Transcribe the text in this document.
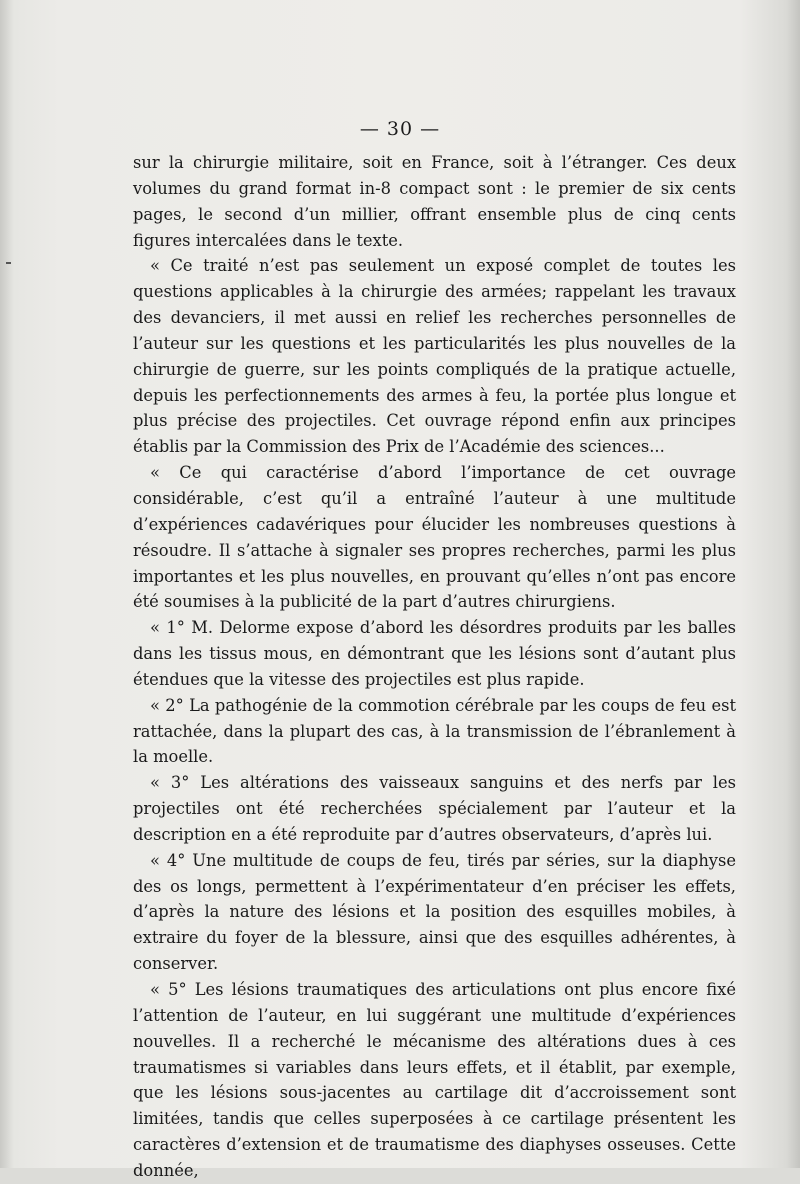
— 30 —

sur la chirurgie militaire, soit en France, soit à l’étranger. Ces deux volumes du grand format in-8 compact sont : le premier de six cents pages, le second d’un millier, offrant ensemble plus de cinq cents figures intercalées dans le texte.

« Ce traité n’est pas seulement un exposé complet de toutes les questions applicables à la chirurgie des armées; rappelant les travaux des devanciers, il met aussi en relief les recherches personnelles de l’auteur sur les questions et les particularités les plus nouvelles de la chirurgie de guerre, sur les points compliqués de la pratique actuelle, depuis les perfectionnements des armes à feu, la portée plus longue et plus précise des projectiles. Cet ouvrage répond enfin aux principes établis par la Commission des Prix de l’Académie des sciences...

« Ce qui caractérise d’abord l’importance de cet ouvrage considérable, c’est qu’il a entraîné l’auteur à une multitude d’expériences cadavériques pour élucider les nombreuses questions à résoudre. Il s’attache à signaler ses propres recherches, parmi les plus importantes et les plus nouvelles, en prouvant qu’elles n’ont pas encore été soumises à la publicité de la part d’autres chirurgiens.

« 1° M. Delorme expose d’abord les désordres produits par les balles dans les tissus mous, en démontrant que les lésions sont d’autant plus étendues que la vitesse des projectiles est plus rapide.

« 2° La pathogénie de la commotion cérébrale par les coups de feu est rattachée, dans la plupart des cas, à la transmission de l’ébranlement à la moelle.

« 3° Les altérations des vaisseaux sanguins et des nerfs par les projectiles ont été recherchées spécialement par l’auteur et la description en a été reproduite par d’autres observateurs, d’après lui.

« 4° Une multitude de coups de feu, tirés par séries, sur la diaphyse des os longs, permettent à l’expérimentateur d’en préciser les effets, d’après la nature des lésions et la position des esquilles mobiles, à extraire du foyer de la blessure, ainsi que des esquilles adhérentes, à conserver.

« 5° Les lésions traumatiques des articulations ont plus encore fixé l’attention de l’auteur, en lui suggérant une multitude d’expériences nouvelles. Il a recherché le mécanisme des altérations dues à ces traumatismes si variables dans leurs effets, et il établit, par exemple, que les lésions sous-jacentes au cartilage dit d’accroissement sont limitées, tandis que celles superposées à ce cartilage présentent les caractères d’extension et de traumatisme des diaphyses osseuses. Cette donnée,
